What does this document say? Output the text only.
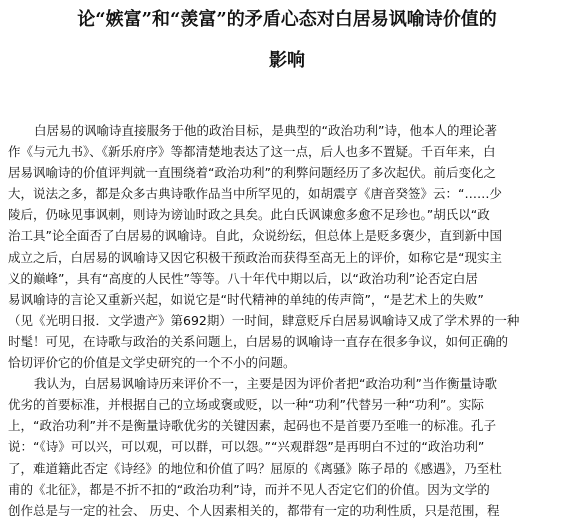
论“嫉富”和“羡富”的矛盾心态对白居易讽喻诗价值的
影响
白居易的讽喻诗直接服务于他的政治目标，是典型的“政治功利”诗，他本人的理论著
作《与元九书》、《新乐府序》等都清楚地表达了这一点，后人也多不置疑。千百年来，白
居易讽喻诗的价值评判就一直围绕着“政治功利”的利弊问题经历了多次起伏。前后变化之
大，说法之多，都是众多古典诗歌作品当中所罕见的，如胡震亨《唐音癸签》云：“……少
陵后，仍咏见事讽刺，则诗为谤讪时政之具矣。此白氏讽谏愈多愈不足珍也。”胡氏以“政
治工具”论全面否了白居易的讽喻诗。自此，众说纷纭，但总体上是贬多褒少，直到新中国
成立之后，白居易的讽喻诗又因它积极干预政治而获得至高无上的评价，如称它是“现实主
义的巅峰”，具有“高度的人民性”等等。八十年代中期以后，以“政治功利”论否定白居
易讽喻诗的言论又重新兴起，如说它是“时代精神的单纯的传声筒”，“是艺术上的失败”
（见《光明日报．文学遗产》第692期）一时间，肆意贬斥白居易讽喻诗又成了学术界的一种
时髦！可见，在诗歌与政治的关系问题上，白居易的讽喻诗一直存在很多争议，如何正确的
恰切评价它的价值是文学史研究的一个不小的问题。
我认为，白居易讽喻诗历来评价不一，主要是因为评价者把“政治功利”当作衡量诗歌
优劣的首要标准，并根据自己的立场或褒或贬，以一种“功利”代替另一种“功利”。实际
上，“政治功利”并不是衡量诗歌优劣的关键因素，起码也不是首要乃至唯一的标准。孔子
说：“《诗》可以兴，可以观，可以群，可以怨。”“兴观群怨”是再明白不过的“政治功利”
了，难道籍此否定《诗经》的地位和价值了吗？屈原的《离骚》陈子昂的《感遇》，乃至杜
甫的《北征》，都是不折不扣的“政治功利”诗，而并不见人否定它们的价值。因为文学的
创作总是与一定的社会、 历史、个人因素相关的，都带有一定的功利性质，只是范围，程
